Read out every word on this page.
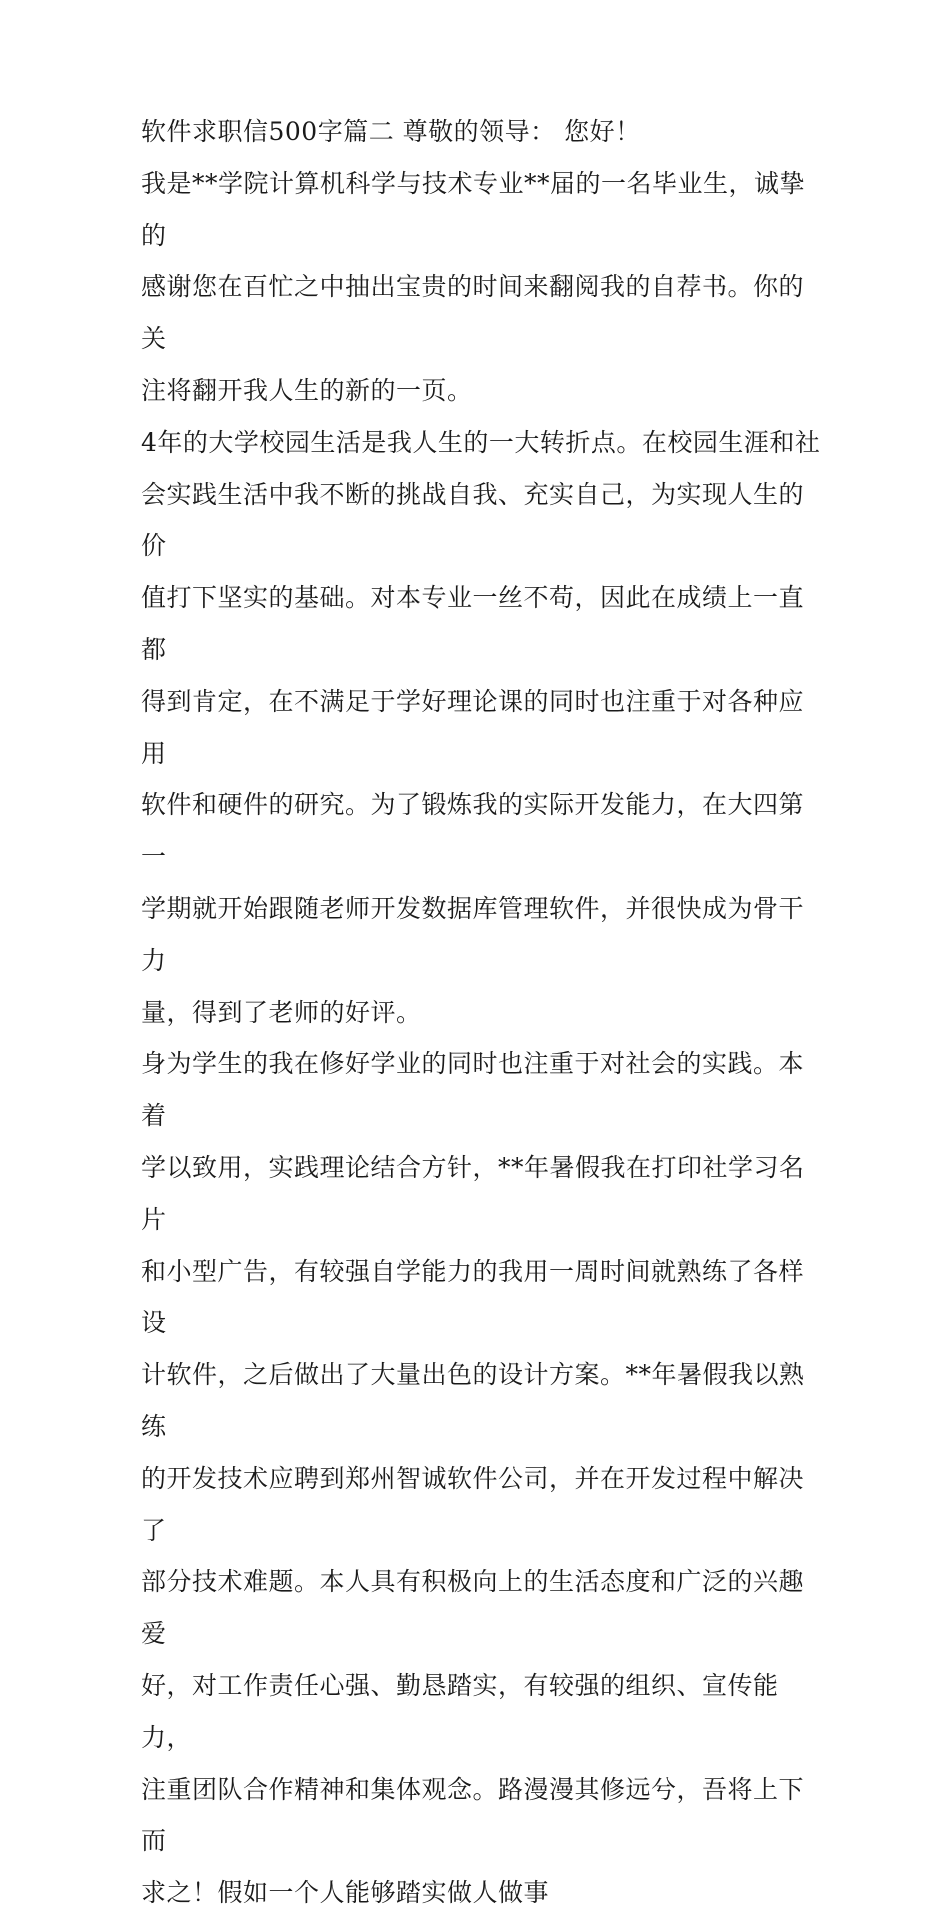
软件求职信500字篇二 尊敬的领导： 您好！

我是**学院计算机科学与技术专业**届的一名毕业生，诚挚的
感谢您在百忙之中抽出宝贵的时间来翻阅我的自荐书。你的关
注将翻开我人生的新的一页。

4年的大学校园生活是我人生的一大转折点。在校园生涯和社
会实践生活中我不断的挑战自我、充实自己，为实现人生的价
值打下坚实的基础。对本专业一丝不苟，因此在成绩上一直都
得到肯定，在不满足于学好理论课的同时也注重于对各种应用
软件和硬件的研究。为了锻炼我的实际开发能力，在大四第一
学期就开始跟随老师开发数据库管理软件，并很快成为骨干力
量，得到了老师的好评。

身为学生的我在修好学业的同时也注重于对社会的实践。本着
学以致用，实践理论结合方针，**年暑假我在打印社学习名片
和小型广告，有较强自学能力的我用一周时间就熟练了各样设
计软件，之后做出了大量出色的设计方案。**年暑假我以熟练
的开发技术应聘到郑州智诚软件公司，并在开发过程中解决了
部分技术难题。本人具有积极向上的生活态度和广泛的兴趣爱
好，对工作责任心强、勤恳踏实，有较强的组织、宣传能力，
注重团队合作精神和集体观念。路漫漫其修远兮，吾将上下而
求之！假如一个人能够踏实做人做事
